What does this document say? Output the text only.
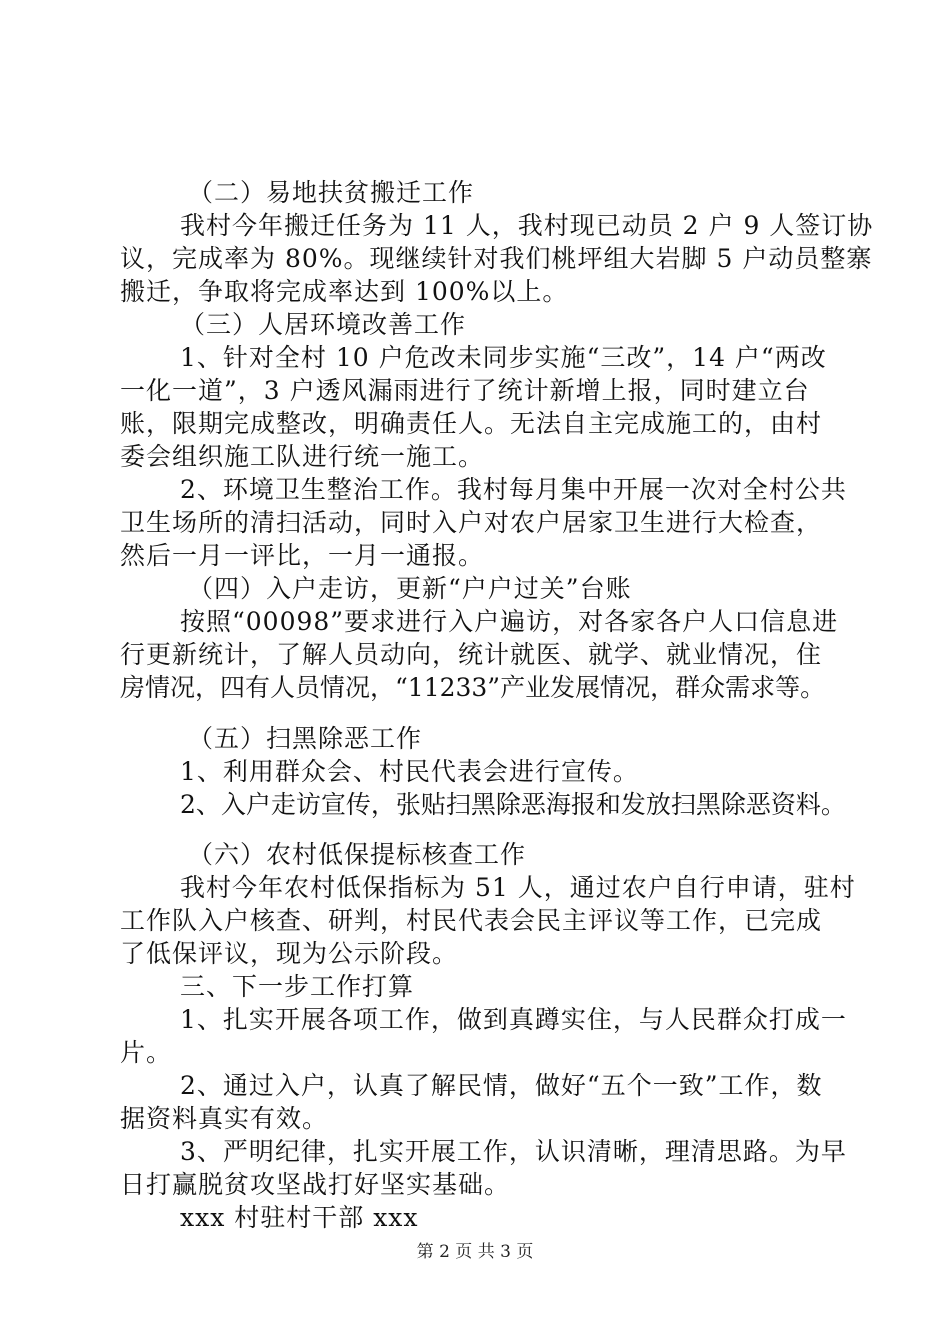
（二）易地扶贫搬迁工作
我村今年搬迁任务为 11 人，我村现已动员 2 户 9 人签订协
议，完成率为 80%。现继续针对我们桃坪组大岩脚 5 户动员整寨
搬迁，争取将完成率达到 100%以上。
（三）人居环境改善工作
1、针对全村 10 户危改未同步实施“三改”，14 户“两改
一化一道”，3 户透风漏雨进行了统计新增上报，同时建立台
账，限期完成整改，明确责任人。无法自主完成施工的，由村
委会组织施工队进行统一施工。
2、环境卫生整治工作。我村每月集中开展一次对全村公共
卫生场所的清扫活动，同时入户对农户居家卫生进行大检查，
然后一月一评比，一月一通报。
（四）入户走访，更新“户户过关”台账
按照“00098”要求进行入户遍访，对各家各户人口信息进
行更新统计，了解人员动向，统计就医、就学、就业情况，住
房情况，四有人员情况，“11233”产业发展情况，群众需求等。
（五）扫黑除恶工作
1、利用群众会、村民代表会进行宣传。
2、入户走访宣传，张贴扫黑除恶海报和发放扫黑除恶资料。
（六）农村低保提标核查工作
我村今年农村低保指标为 51 人，通过农户自行申请，驻村
工作队入户核查、研判，村民代表会民主评议等工作，已完成
了低保评议，现为公示阶段。
三、下一步工作打算
1、扎实开展各项工作，做到真蹲实住，与人民群众打成一
片。
2、通过入户，认真了解民情，做好“五个一致”工作，数
据资料真实有效。
3、严明纪律，扎实开展工作，认识清晰，理清思路。为早
日打赢脱贫攻坚战打好坚实基础。
xxx 村驻村干部 xxx
第 2 页 共 3 页
